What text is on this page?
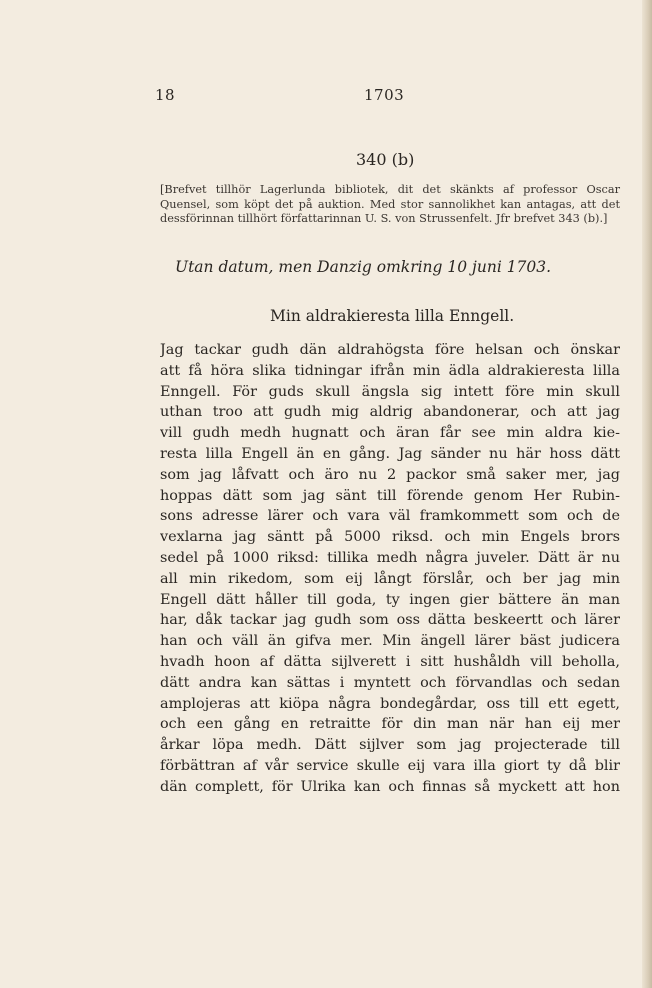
18	1703
340 (b)
[Brefvet tillhör Lagerlunda bibliotek, dit det skänkts af professor Oscar Quensel, som köpt det på auktion. Med stor sannolikhet kan antagas, att det dessförinnan tillhört författarinnan U. S. von Strussenfelt. Jfr brefvet 343 (b).]
Utan datum, men Danzig omkring 10 juni 1703.
Min aldrakieresta lilla Enngell.
Jag tackar gudh dän aldrahögsta före helsan och önskar
att få höra slika tidningar ifrån min ädla aldrakieresta lilla
Enngell. För guds skull ängsla sig intett före min skull
uthan troo att gudh mig aldrig abandonerar, och att jag
vill gudh medh hugnatt och äran får see min aldra kie-
resta lilla Engell än en gång. Jag sänder nu här hoss dätt
som jag låfvatt och äro nu 2 packor små saker mer, jag
hoppas dätt som jag sänt till förende genom Her Rubin-
sons adresse lärer och vara väl framkommett som och de
vexlarna jag säntt på 5000 riksd. och min Engels brors
sedel på 1000 riksd: tillika medh några juveler. Dätt är nu
all min rikedom, som eij långt förslår, och ber jag min
Engell dätt håller till goda, ty ingen gier bättere än man
har, dåk tackar jag gudh som oss dätta beskeertt och lärer
han och väll än gifva mer. Min ängell lärer bäst judicera
hvadh hoon af dätta sijlverett i sitt hushåldh vill beholla,
dätt andra kan sättas i myntett och förvandlas och sedan
amplojeras att kiöpa några bondegårdar, oss till ett egett,
och een gång en retraitte för din man när han eij mer
årkar löpa medh. Dätt sijlver som jag projecterade till
förbättran af vår service skulle eij vara illa giort ty då blir
dän complett, för Ulrika kan och finnas så myckett att hon
